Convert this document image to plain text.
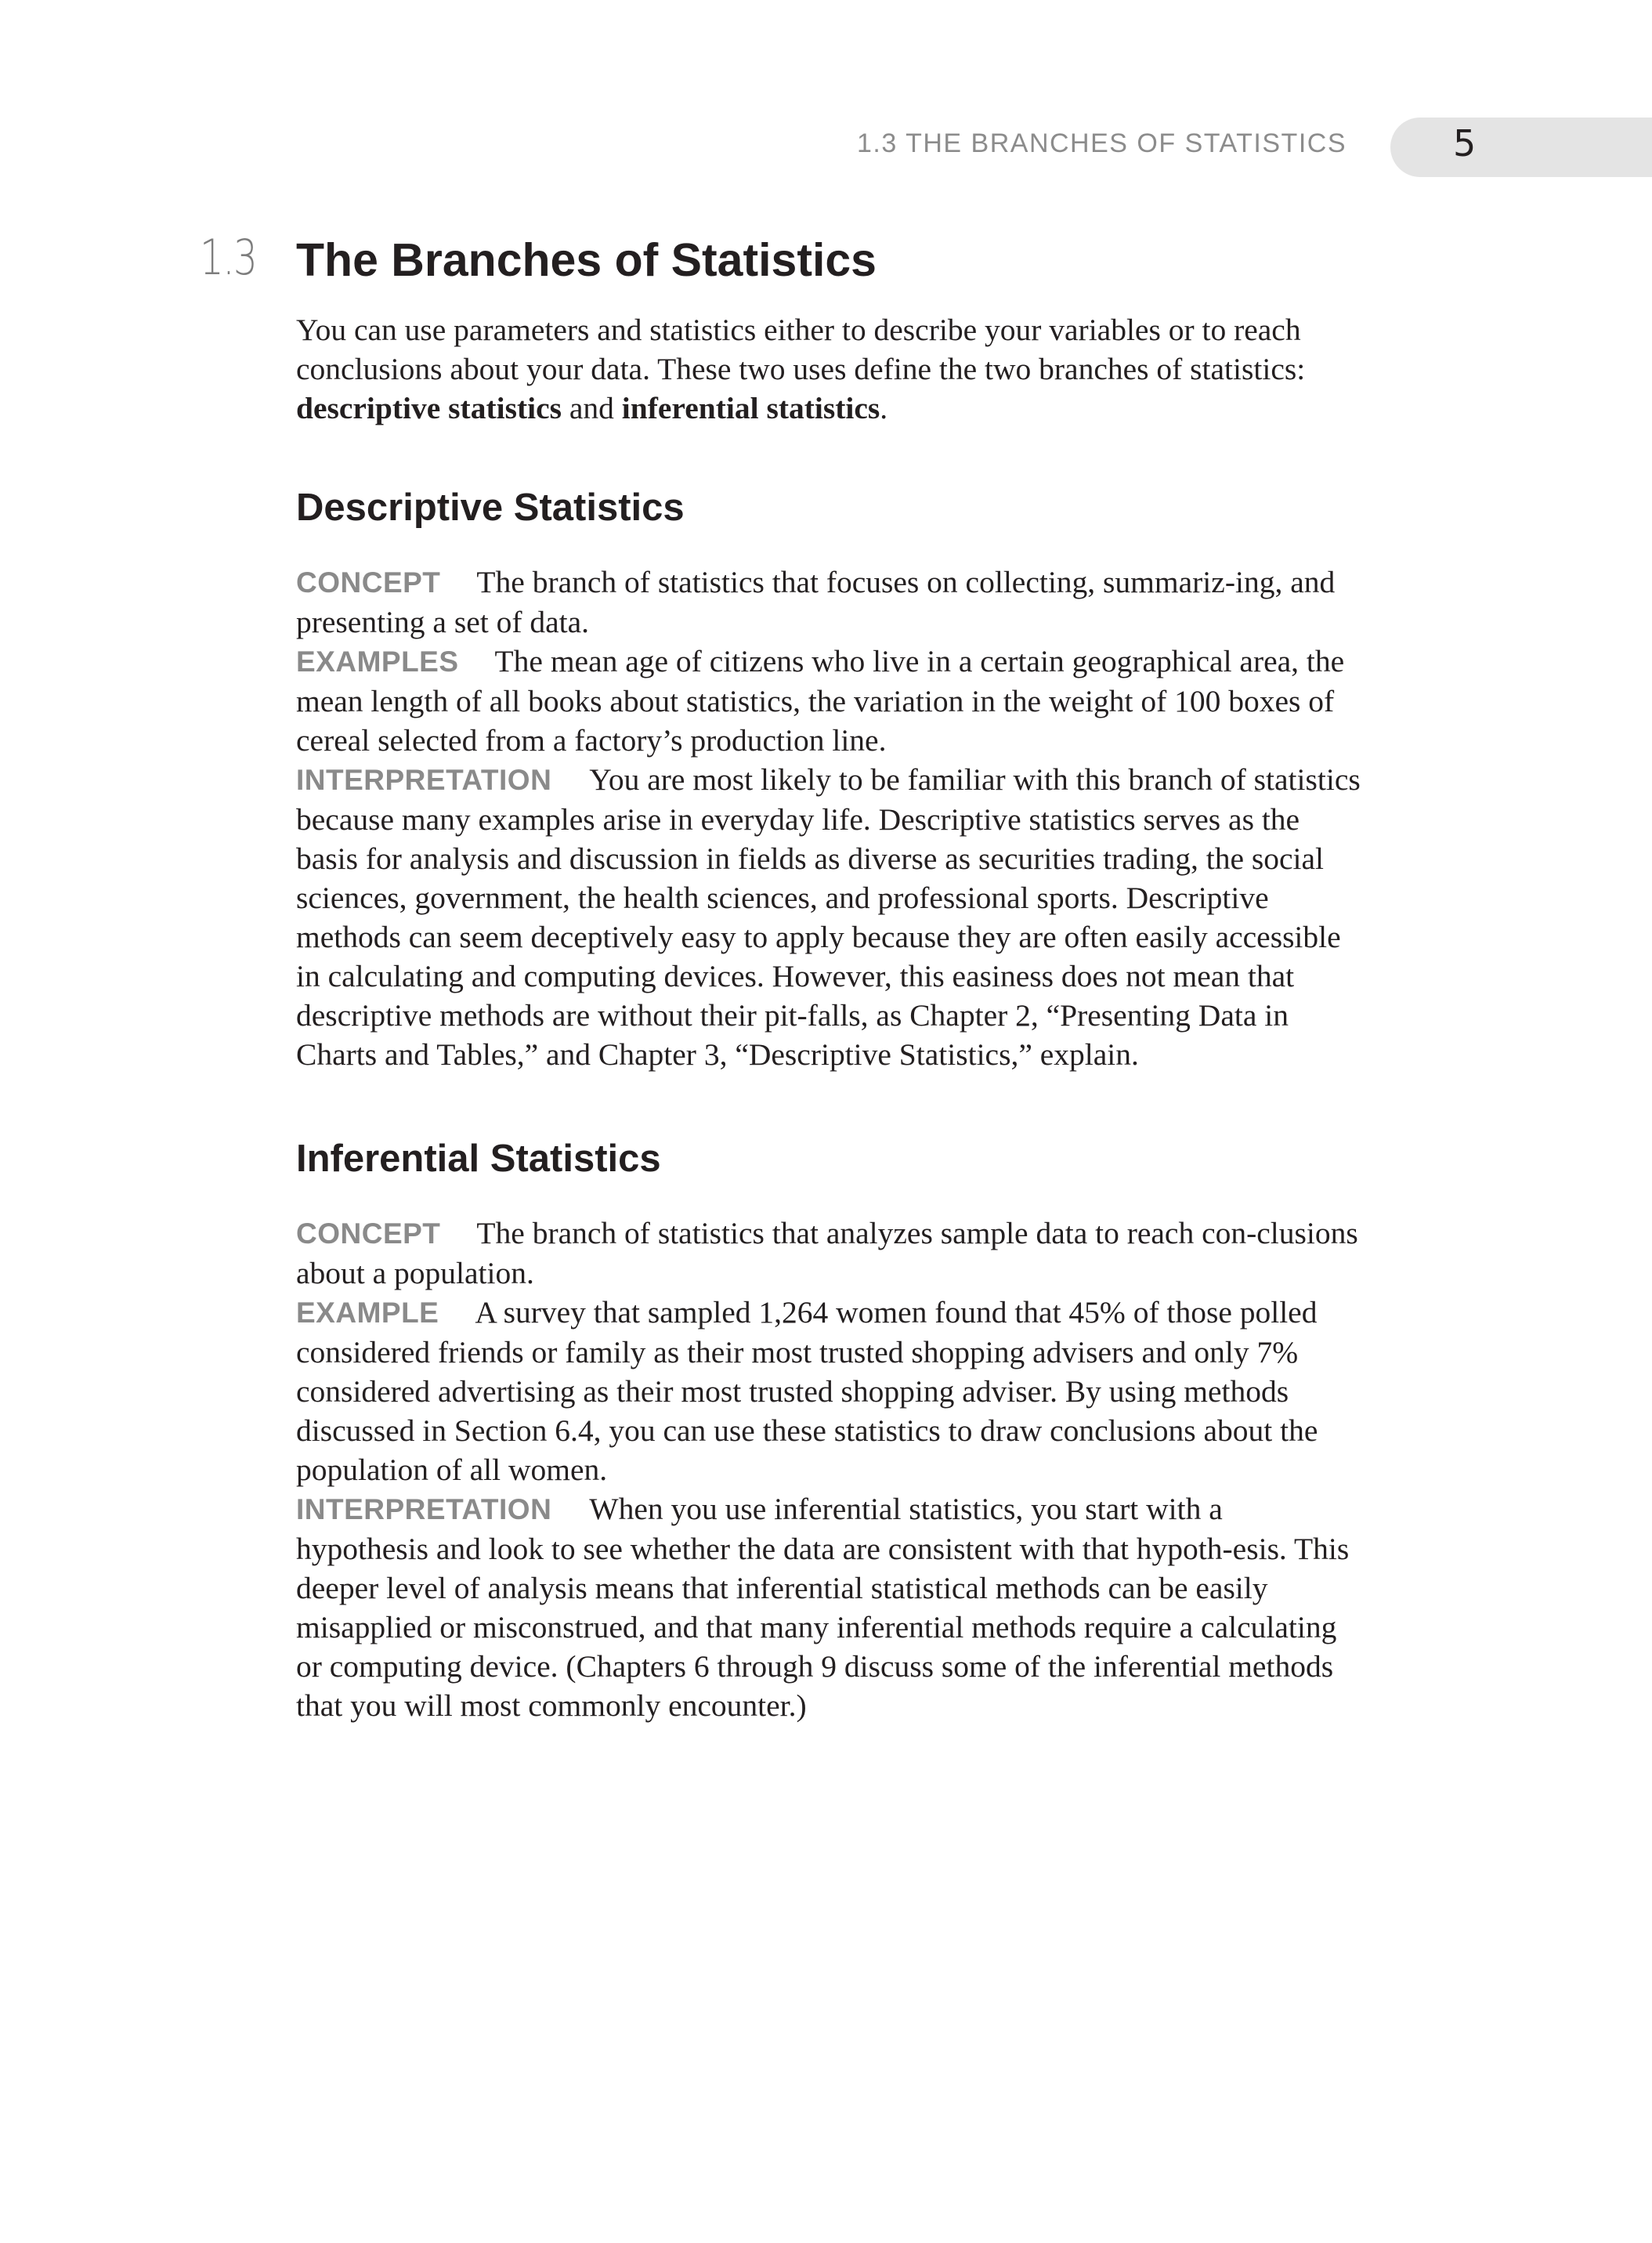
1.3 THE BRANCHES OF STATISTICS	5
1.3 The Branches of Statistics

You can use parameters and statistics either to describe your variables or to reach conclusions about your data. These two uses define the two branches of statistics: descriptive statistics and inferential statistics.

Descriptive Statistics

CONCEPT The branch of statistics that focuses on collecting, summariz-ing, and presenting a set of data.

EXAMPLES The mean age of citizens who live in a certain geographical area, the mean length of all books about statistics, the variation in the weight of 100 boxes of cereal selected from a factory’s production line.

INTERPRETATION You are most likely to be familiar with this branch of statistics because many examples arise in everyday life. Descriptive statistics serves as the basis for analysis and discussion in fields as diverse as securities trading, the social sciences, government, the health sciences, and professional sports. Descriptive methods can seem deceptively easy to apply because they are often easily accessible in calculating and computing devices. However, this easiness does not mean that descriptive methods are without their pit-falls, as Chapter 2, “Presenting Data in Charts and Tables,” and Chapter 3, “Descriptive Statistics,” explain.

Inferential Statistics

CONCEPT The branch of statistics that analyzes sample data to reach con-clusions about a population.

EXAMPLE A survey that sampled 1,264 women found that 45% of those polled considered friends or family as their most trusted shopping advisers and only 7% considered advertising as their most trusted shopping adviser. By using methods discussed in Section 6.4, you can use these statistics to draw conclusions about the population of all women.

INTERPRETATION When you use inferential statistics, you start with a hypothesis and look to see whether the data are consistent with that hypoth-esis. This deeper level of analysis means that inferential statistical methods can be easily misapplied or misconstrued, and that many inferential methods require a calculating or computing device. (Chapters 6 through 9 discuss some of the inferential methods that you will most commonly encounter.)
